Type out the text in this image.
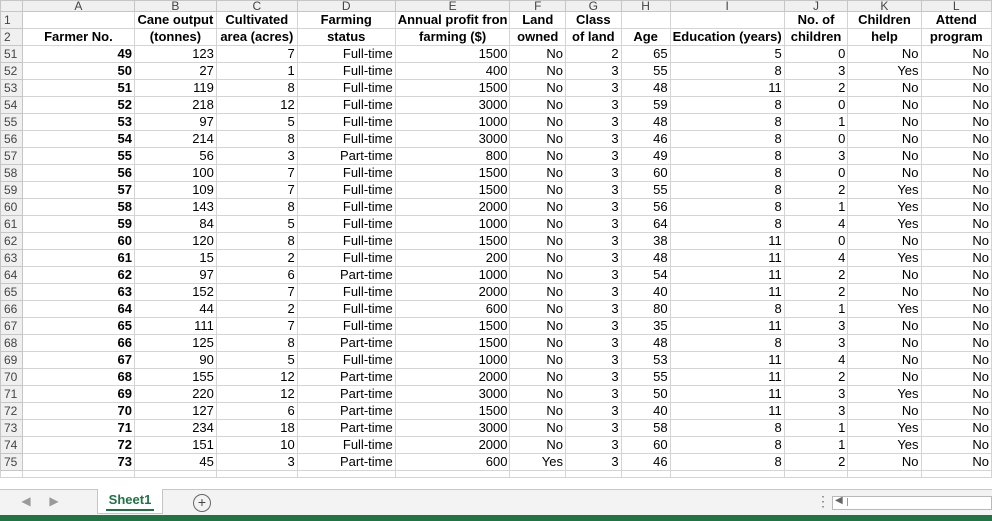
	A	B	C	D	E	F	G	H	I	J	K	L
1		Cane output	Cultivated	Farming	Annual profit fron	Land	Class			No. of	Children	Attend
2	Farmer No.	(tonnes)	area (acres)	status	farming ($)	owned	of land	Age	Education (years)	children	help	program
51	49	123	7	Full-time	1500	No	2	65	5	0	No	No
52	50	27	1	Full-time	400	No	3	55	8	3	Yes	No
53	51	119	8	Full-time	1500	No	3	48	11	2	No	No
54	52	218	12	Full-time	3000	No	3	59	8	0	No	No
55	53	97	5	Full-time	1000	No	3	48	8	1	No	No
56	54	214	8	Full-time	3000	No	3	46	8	0	No	No
57	55	56	3	Part-time	800	No	3	49	8	3	No	No
58	56	100	7	Full-time	1500	No	3	60	8	0	No	No
59	57	109	7	Full-time	1500	No	3	55	8	2	Yes	No
60	58	143	8	Full-time	2000	No	3	56	8	1	Yes	No
61	59	84	5	Full-time	1000	No	3	64	8	4	Yes	No
62	60	120	8	Full-time	1500	No	3	38	11	0	No	No
63	61	15	2	Full-time	200	No	3	48	11	4	Yes	No
64	62	97	6	Part-time	1000	No	3	54	11	2	No	No
65	63	152	7	Full-time	2000	No	3	40	11	2	No	No
66	64	44	2	Full-time	600	No	3	80	8	1	Yes	No
67	65	111	7	Full-time	1500	No	3	35	11	3	No	No
68	66	125	8	Part-time	1500	No	3	48	8	3	No	No
69	67	90	5	Full-time	1000	No	3	53	11	4	No	No
70	68	155	12	Part-time	2000	No	3	55	11	2	No	No
71	69	220	12	Part-time	3000	No	3	50	11	3	Yes	No
72	70	127	6	Part-time	1500	No	3	40	11	3	No	No
73	71	234	18	Part-time	3000	No	3	58	8	1	Yes	No
74	72	151	10	Full-time	2000	No	3	60	8	1	Yes	No
75	73	45	3	Part-time	600	Yes	3	46	8	2	No	No

◀	▶	Sheet1	+	⋮ ◀
